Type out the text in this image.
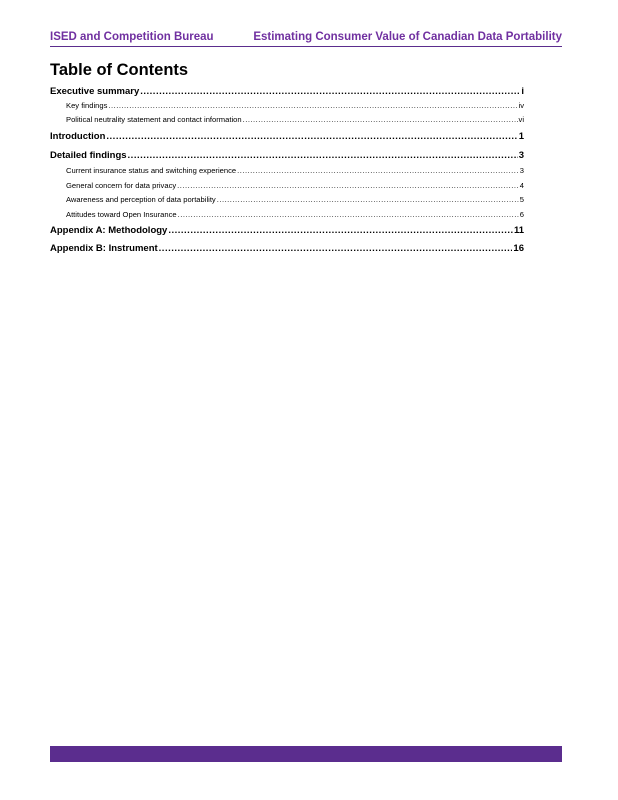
ISED and Competition Bureau	Estimating Consumer Value of Canadian Data Portability
Table of Contents
Executive summary .....	i
Key findings .....	iv
Political neutrality statement and contact information .....	vi
Introduction .....	1
Detailed findings .....	3
Current insurance status and switching experience .....	3
General concern for data privacy .....	4
Awareness and perception of data portability .....	5
Attitudes toward Open Insurance .....	6
Appendix A: Methodology .....	11
Appendix B: Instrument .....	16
